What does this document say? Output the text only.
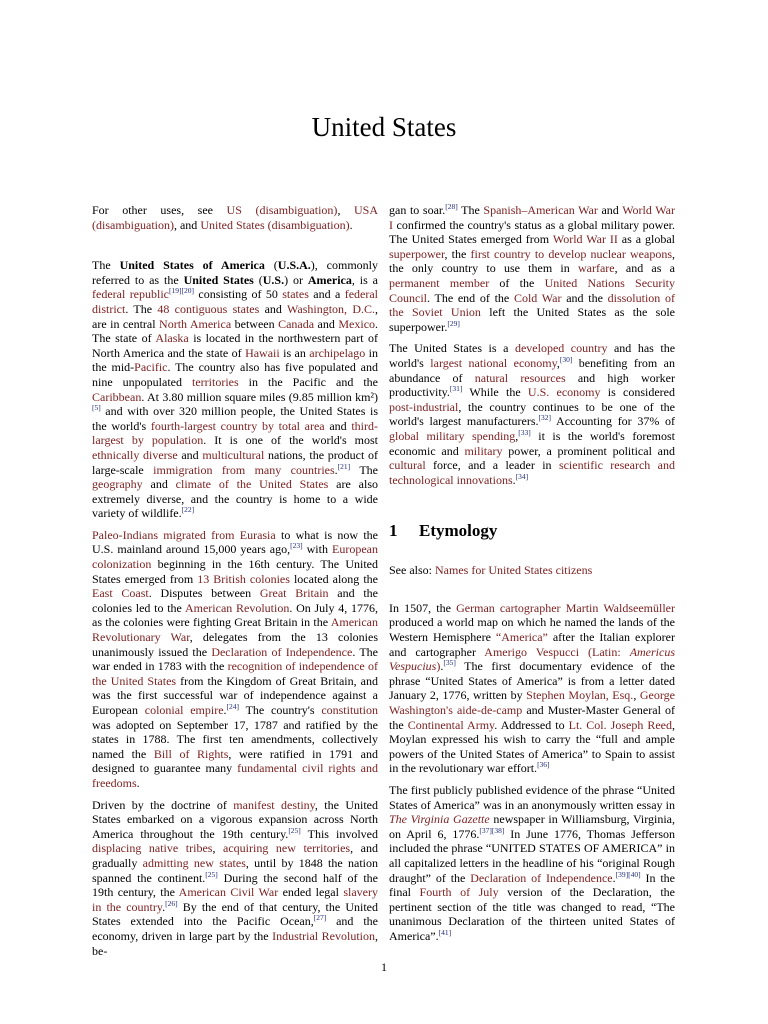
United States

For other uses, see US (disambiguation), USA (disambiguation), and United States (disambiguation).

The United States of America (U.S.A.), commonly referred to as the United States (U.S.) or America, is a federal republic[19][20] consisting of 50 states and a federal district. The 48 contiguous states and Washington, D.C., are in central North America between Canada and Mexico. The state of Alaska is located in the northwestern part of North America and the state of Hawaii is an archipelago in the mid-Pacific. The country also has five populated and nine unpopulated territories in the Pacific and the Caribbean. At 3.80 million square miles (9.85 million km²)[5] and with over 320 million people, the United States is the world's fourth-largest country by total area and third-largest by population. It is one of the world's most ethnically diverse and multicultural nations, the product of large-scale immigration from many countries.[21] The geography and climate of the United States are also extremely diverse, and the country is home to a wide variety of wildlife.[22]

Paleo-Indians migrated from Eurasia to what is now the U.S. mainland around 15,000 years ago,[23] with European colonization beginning in the 16th century. The United States emerged from 13 British colonies located along the East Coast. Disputes between Great Britain and the colonies led to the American Revolution. On July 4, 1776, as the colonies were fighting Great Britain in the American Revolutionary War, delegates from the 13 colonies unanimously issued the Declaration of Independence. The war ended in 1783 with the recognition of independence of the United States from the Kingdom of Great Britain, and was the first successful war of independence against a European colonial empire.[24] The country's constitution was adopted on September 17, 1787 and ratified by the states in 1788. The first ten amendments, collectively named the Bill of Rights, were ratified in 1791 and designed to guarantee many fundamental civil rights and freedoms.

Driven by the doctrine of manifest destiny, the United States embarked on a vigorous expansion across North America throughout the 19th century.[25] This involved displacing native tribes, acquiring new territories, and gradually admitting new states, until by 1848 the nation spanned the continent.[25] During the second half of the 19th century, the American Civil War ended legal slavery in the country.[26] By the end of that century, the United States extended into the Pacific Ocean,[27] and the economy, driven in large part by the Industrial Revolution, be-

gan to soar.[28] The Spanish–American War and World War I confirmed the country's status as a global military power. The United States emerged from World War II as a global superpower, the first country to develop nuclear weapons, the only country to use them in warfare, and as a permanent member of the United Nations Security Council. The end of the Cold War and the dissolution of the Soviet Union left the United States as the sole superpower.[29]

The United States is a developed country and has the world's largest national economy,[30] benefiting from an abundance of natural resources and high worker productivity.[31] While the U.S. economy is considered post-industrial, the country continues to be one of the world's largest manufacturers.[32] Accounting for 37% of global military spending,[33] it is the world's foremost economic and military power, a prominent political and cultural force, and a leader in scientific research and technological innovations.[34]

1 Etymology

See also: Names for United States citizens

In 1507, the German cartographer Martin Waldseemüller produced a world map on which he named the lands of the Western Hemisphere “America” after the Italian explorer and cartographer Amerigo Vespucci (Latin: Americus Vespucius).[35] The first documentary evidence of the phrase “United States of America” is from a letter dated January 2, 1776, written by Stephen Moylan, Esq., George Washington's aide-de-camp and Muster-Master General of the Continental Army. Addressed to Lt. Col. Joseph Reed, Moylan expressed his wish to carry the “full and ample powers of the United States of America” to Spain to assist in the revolutionary war effort.[36]

The first publicly published evidence of the phrase “United States of America” was in an anonymously written essay in The Virginia Gazette newspaper in Williamsburg, Virginia, on April 6, 1776.[37][38] In June 1776, Thomas Jefferson included the phrase “UNITED STATES OF AMERICA” in all capitalized letters in the headline of his “original Rough draught” of the Declaration of Independence.[39][40] In the final Fourth of July version of the Declaration, the pertinent section of the title was changed to read, “The unanimous Declaration of the thirteen united States of America”.[41]

1
